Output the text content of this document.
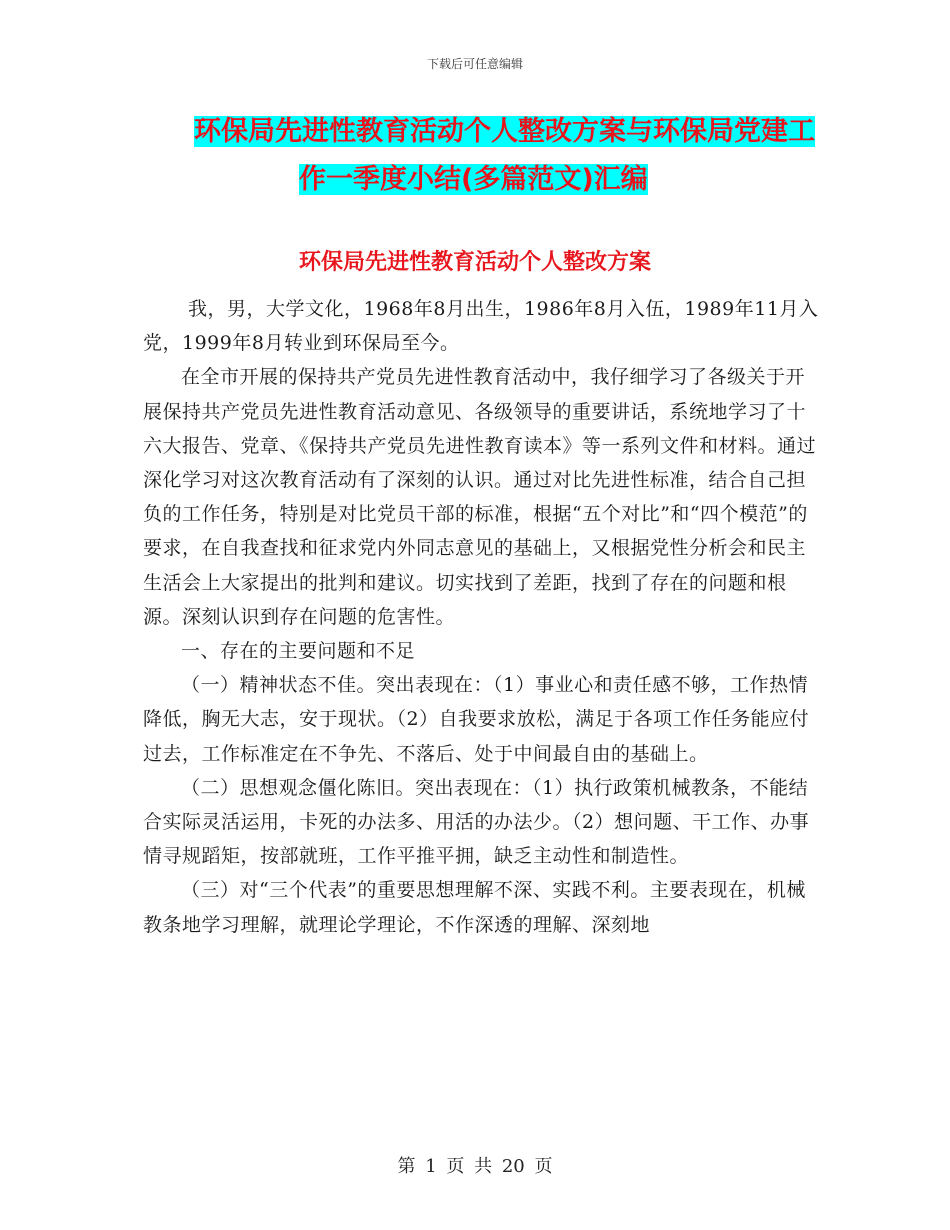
下载后可任意编辑
环保局先进性教育活动个人整改方案与环保局党建工
作一季度小结(多篇范文)汇编
环保局先进性教育活动个人整改方案

我，男，大学文化，1968年8月出生，1986年8月入伍，1989年11月入党，1999年8月转业到环保局至今。

在全市开展的保持共产党员先进性教育活动中，我仔细学习了各级关于开展保持共产党员先进性教育活动意见、各级领导的重要讲话，系统地学习了十六大报告、党章、《保持共产党员先进性教育读本》等一系列文件和材料。通过深化学习对这次教育活动有了深刻的认识。通过对比先进性标准，结合自己担负的工作任务，特别是对比党员干部的标准，根据“五个对比”和“四个模范”的要求，在自我查找和征求党内外同志意见的基础上，又根据党性分析会和民主生活会上大家提出的批判和建议。切实找到了差距，找到了存在的问题和根源。深刻认识到存在问题的危害性。

一、存在的主要问题和不足

（一）精神状态不佳。突出表现在：（1）事业心和责任感不够，工作热情降低，胸无大志，安于现状。（2）自我要求放松，满足于各项工作任务能应付过去，工作标准定在不争先、不落后、处于中间最自由的基础上。

（二）思想观念僵化陈旧。突出表现在：（1）执行政策机械教条，不能结合实际灵活运用，卡死的办法多、用活的办法少。（2）想问题、干工作、办事情寻规蹈矩，按部就班，工作平推平拥，缺乏主动性和制造性。

（三）对“三个代表”的重要思想理解不深、实践不利。主要表现在，机械教条地学习理解，就理论学理论，不作深透的理解、深刻地

第 1 页 共 20 页
